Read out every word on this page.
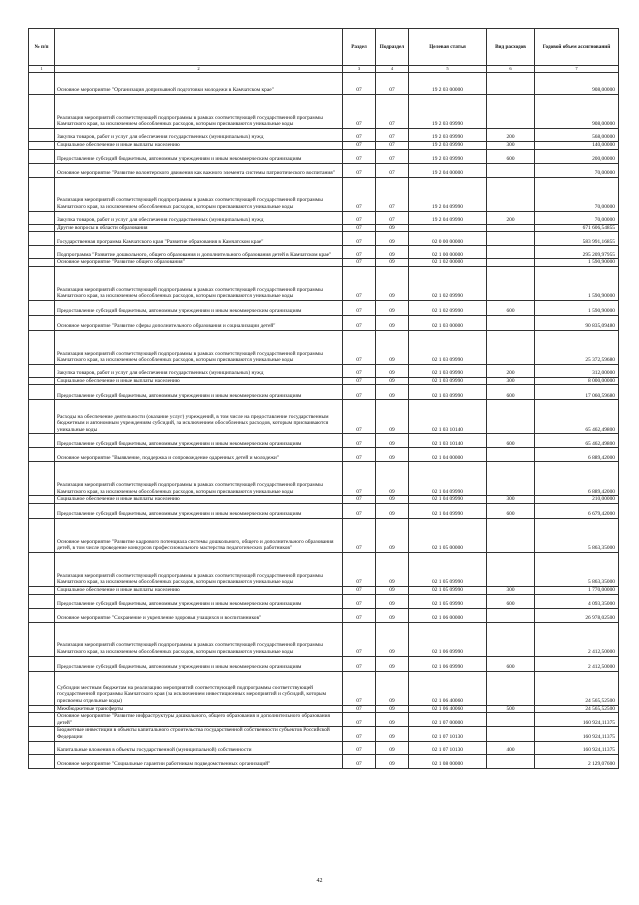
№ п/п		Раздел	Подраздел	Целевая статья	Вид расходов	Годовой объем ассигнований
1	2	3	4	5	6	7
	Основное мероприятие "Организация допризывной подготовки молодежи в Камчатском крае"	07	07	19 2 03 00000		908,00000
	Реализация мероприятий соответствующей подпрограммы в рамках соответствующей государственной программы Камчатского края, за исключением обособленных расходов, которым присваиваются уникальные коды	07	07	19 2 03 09990		908,00000
	Закупка товаров, работ и услуг для обеспечения государственных (муниципальных) нужд	07	07	19 2 03 09990	200	568,00000
	Социальное обеспечение и иные выплаты населению	07	07	19 2 03 09990	300	140,00000
	Предоставление субсидий бюджетным, автономным учреждениям и иным некоммерческим организациям	07	07	19 2 03 09990	600	200,00000
	Основное мероприятие "Развитие волонтерского движения как важного элемента системы патриотического воспитания"	07	07	19 2 04 00000		70,00000
	Реализация мероприятий соответствующей подпрограммы в рамках соответствующей государственной программы Камчатского края, за исключением обособленных расходов, которым присваиваются уникальные коды	07	07	19 2 04 09990		70,00000
	Закупка товаров, работ и услуг для обеспечения государственных (муниципальных) нужд	07	07	19 2 04 09990	200	70,00000
	Другие вопросы в области образования	07	09			671 606,54855
	Государственная программа Камчатского края "Развитие образования в Камчатском крае"	07	09	02 0 00 00000		583 991,16855
	Подпрограмма "Развитие дошкольного, общего образования и дополнительного образования детей в Камчатском крае"	07	09	02 1 00 00000		295 209,97955
	Основное мероприятие "Развитие общего образования"	07	09	02 1 02 00000		1 590,90000
	Реализация мероприятий соответствующей подпрограммы в рамках соответствующей государственной программы Камчатского края, за исключением обособленных расходов, которым присваиваются уникальные коды	07	09	02 1 02 09990		1 590,90000
	Предоставление субсидий бюджетным, автономным учреждениям и иным некоммерческим организациям	07	09	02 1 02 09990	600	1 590,90000
	Основное мероприятие "Развитие сферы дополнительного образования и социализации детей"	07	09	02 1 03 00000		90 835,09480
	Реализация мероприятий соответствующей подпрограммы в рамках соответствующей государственной программы Камчатского края, за исключением обособленных расходов, которым присваиваются уникальные коды	07	09	02 1 03 09990		25 372,59680
	Закупка товаров, работ и услуг для обеспечения государственных (муниципальных) нужд	07	09	02 1 03 09990	200	312,00000
	Социальное обеспечение и иные выплаты населению	07	09	02 1 03 09990	300	8 000,00000
	Предоставление субсидий бюджетным, автономным учреждениям и иным некоммерческим организациям	07	09	02 1 03 09990	600	17 060,59680
	Расходы на обеспечение деятельности (оказание услуг) учреждений, в том числе на предоставление государственным бюджетным и автономным учреждениям субсидий, за исключением обособленных расходов, которым присваиваются уникальные коды	07	09	02 1 03 10140		65 462,49800
	Предоставление субсидий бюджетным, автономным учреждениям и иным некоммерческим организациям	07	09	02 1 03 10140	600	65 462,49800
	Основное мероприятие "Выявление, поддержка и сопровождение одаренных детей и молодежи"	07	09	02 1 04 00000		6 889,42000
	Реализация мероприятий соответствующей подпрограммы в рамках соответствующей государственной программы Камчатского края, за исключением обособленных расходов, которым присваиваются уникальные коды	07	09	02 1 04 09990		6 889,42000
	Социальное обеспечение и иные выплаты населению	07	09	02 1 04 09990	300	210,00000
	Предоставление субсидий бюджетным, автономным учреждениям и иным некоммерческим организациям	07	09	02 1 04 09990	600	6 679,42000
	Основное мероприятие "Развитие кадрового потенциала системы дошкольного, общего и дополнительного образования детей, в том числе проведение конкурсов профессионального мастерства педагогических работников"	07	09	02 1 05 00000		5 863,35000
	Реализация мероприятий соответствующей подпрограммы в рамках соответствующей государственной программы Камчатского края, за исключением обособленных расходов, которым присваиваются уникальные коды	07	09	02 1 05 09990		5 863,35000
	Социальное обеспечение и иные выплаты населению	07	09	02 1 05 09990	300	1 770,00000
	Предоставление субсидий бюджетным, автономным учреждениям и иным некоммерческим организациям	07	09	02 1 05 09990	600	4 093,35000
	Основное мероприятие "Сохранение и укрепление здоровья учащихся и воспитанников"	07	09	02 1 06 00000		26 978,02500
	Реализация мероприятий соответствующей подпрограммы в рамках соответствующей государственной программы Камчатского края, за исключением обособленных расходов, которым присваиваются уникальные коды	07	09	02 1 06 09990		2 412,50000
	Предоставление субсидий бюджетным, автономным учреждениям и иным некоммерческим организациям	07	09	02 1 06 09990	600	2 412,50000
	Субсидии местным бюджетам на реализацию мероприятий соответствующей подпрограммы соответствующей государственной программы Камчатского края (за исключением инвестиционных мероприятий и субсидий, которым присвоены отдельные коды)	07	09	02 1 06 40060		24 565,52500
	Межбюджетные трансферты	07	09	02 1 06 40060	500	24 565,52500
	Основное мероприятие "Развитие инфраструктуры дошкольного, общего образования и дополнительного образования детей"	07	09	02 1 07 00000		160 924,11375
	Бюджетные инвестиции в объекты капитального строительства государственной собственности субъектов Российской Федерации	07	09	02 1 07 10130		160 924,11375
	Капитальные вложения в объекты государственной (муниципальной) собственности	07	09	02 1 07 10130	400	160 924,11375
	Основное мероприятие "Социальные гарантии работникам подведомственных организаций"	07	09	02 1 08 00000		2 129,07600
42
